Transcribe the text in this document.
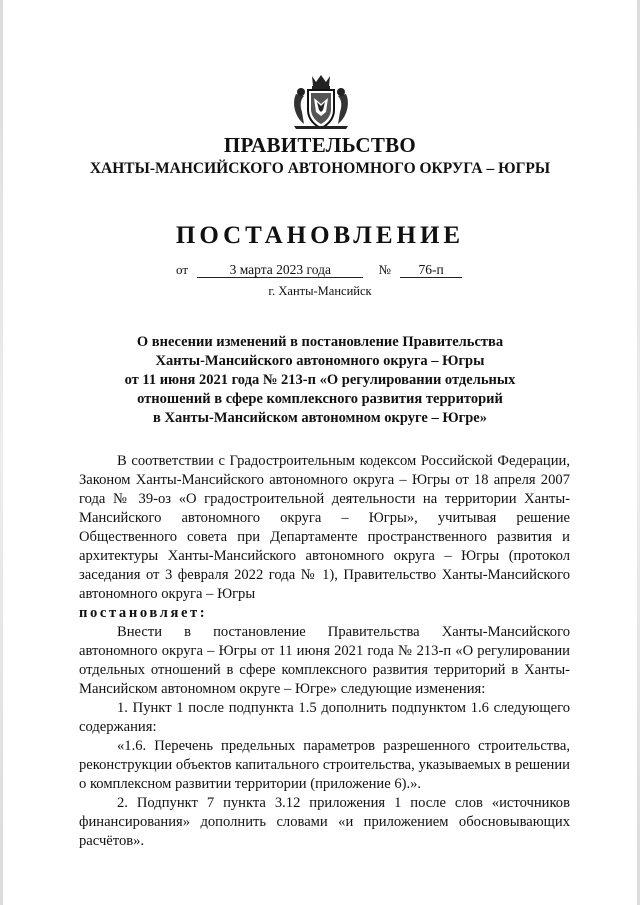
ПРАВИТЕЛЬСТВО
ХАНТЫ-МАНСИЙСКОГО АВТОНОМНОГО ОКРУГА – ЮГРЫ
ПОСТАНОВЛЕНИЕ
от	3 марта 2023 года	№ 76-п
г. Ханты-Мансийск
О внесении изменений в постановление Правительства
Ханты-Мансийского автономного округа – Югры
от 11 июня 2021 года № 213-п «О регулировании отдельных
отношений в сфере комплексного развития территорий
в Ханты-Мансийском автономном округе – Югре»

В соответствии с Градостроительным кодексом Российской Федерации, Законом Ханты-Мансийского автономного округа – Югры от 18 апреля 2007 года № 39-оз «О градостроительной деятельности на территории Ханты-Мансийского автономного округа – Югры», учитывая решение Общественного совета при Департаменте пространственного развития и архитектуры Ханты-Мансийского автономного округа – Югры (протокол заседания от 3 февраля 2022 года № 1), Правительство Ханты-Мансийского автономного округа – Югры

постановляет:

Внести в постановление Правительства Ханты-Мансийского автономного округа – Югры от 11 июня 2021 года № 213-п «О регулировании отдельных отношений в сфере комплексного развития территорий в Ханты-Мансийском автономном округе – Югре» следующие изменения:

1. Пункт 1 после подпункта 1.5 дополнить подпунктом 1.6 следующего содержания:

«1.6. Перечень предельных параметров разрешенного строительства, реконструкции объектов капитального строительства, указываемых в решении о комплексном развитии территории (приложение 6).».

2. Подпункт 7 пункта 3.12 приложения 1 после слов «источников финансирования» дополнить словами «и приложением обосновывающих расчётов».
